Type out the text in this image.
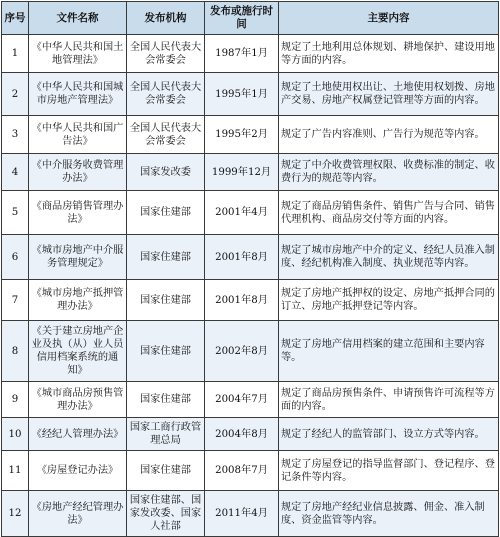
序号	文件名称	发布机构	发布或施行时间	主要内容
1	《中华人民共和国土地管理法》	全国人民代表大会常委会	1987年1月	规定了土地利用总体规划、耕地保护、建设用地等方面的内容。
2	《中华人民共和国城市房地产管理法》	全国人民代表大会常委会	1995年1月	规定了土地使用权出让、土地使用权划拨、房地产交易、房地产权属登记管理等方面的内容。
3	《中华人民共和国广告法》	全国人民代表大会常委会	1995年2月	规定了广告内容准则、广告行为规范等内容。
4	《中介服务收费管理办法》	国家发改委	1999年12月	规定了中介收费管理权限、收费标准的制定、收费行为的规范等内容。
5	《商品房销售管理办法》	国家住建部	2001年4月	规定了商品房销售条件、销售广告与合同、销售代理机构、商品房交付等方面的内容。
6	《城市房地产中介服务管理规定》	国家住建部	2001年8月	规定了城市房地产中介的定义、经纪人员准入制度、经纪机构准入制度、执业规范等内容。
7	《城市房地产抵押管理办法》	国家住建部	2001年8月	规定了房地产抵押权的设定、房地产抵押合同的订立、房地产抵押登记等内容。
8	《关于建立房地产企业及执（从）业人员信用档案系统的通知》	国家住建部	2002年8月	规定了房地产信用档案的建立范围和主要内容等。
9	《城市商品房预售管理办法》	国家住建部	2004年7月	规定了商品房预售条件、申请预售许可流程等方面的内容。
10	《经纪人管理办法》	国家工商行政管理总局	2004年8月	规定了经纪人的监管部门、设立方式等内容。
11	《房屋登记办法》	国家住建部	2008年7月	规定了房屋登记的指导监督部门、登记程序、登记条件等内容。
12	《房地产经纪管理办法》	国家住建部、国家发改委、国家人社部	2011年4月	规定了房地产经纪业信息披露、佣金、准入制度、资金监管等内容。
